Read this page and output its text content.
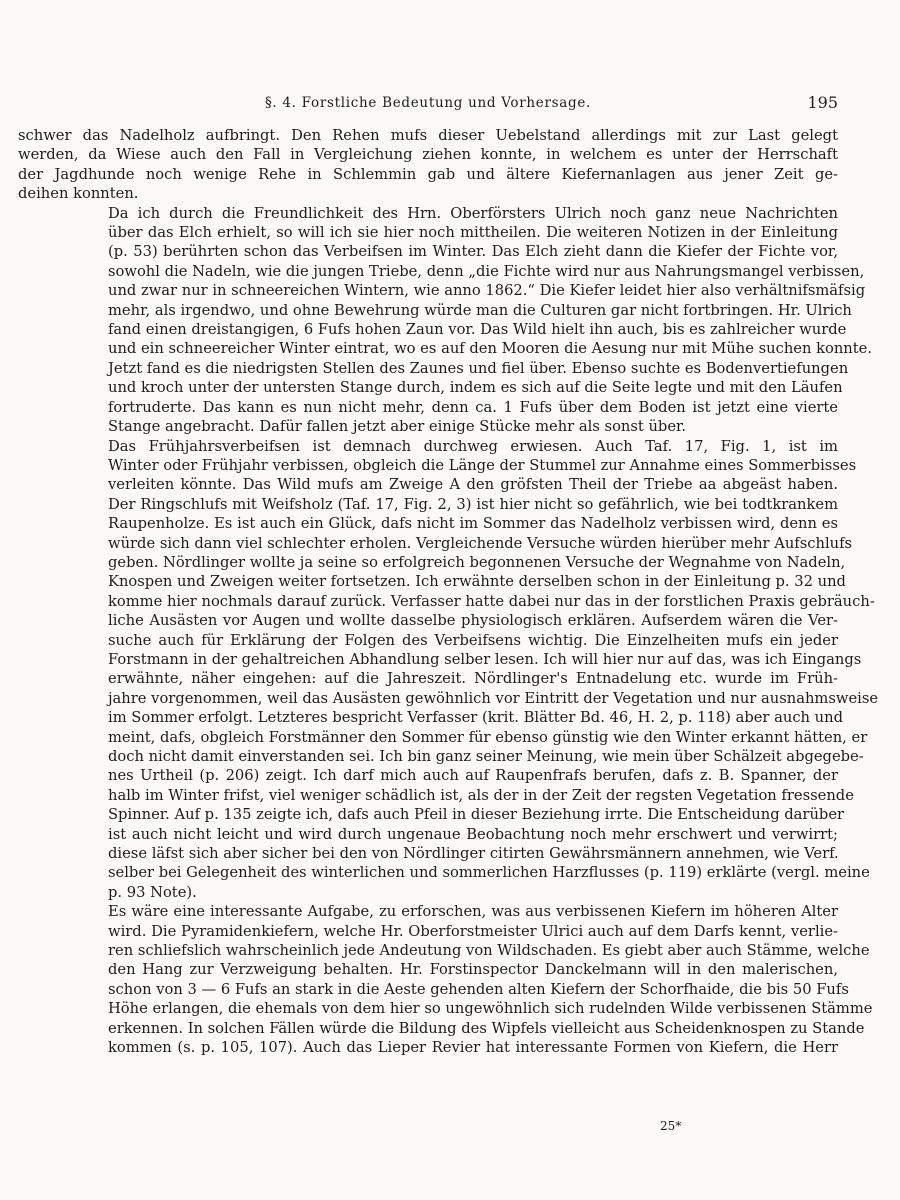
§. 4. Forstliche Bedeutung und Vorhersage.	195

schwer das Nadelholz aufbringt. Den Rehen mufs dieser Uebelstand allerdings mit zur Last gelegt
werden, da Wiese auch den Fall in Vergleichung ziehen konnte, in welchem es unter der Herrschaft
der Jagdhunde noch wenige Rehe in Schlemmin gab und ältere Kiefernanlagen aus jener Zeit ge-
deihen konnten.

Da ich durch die Freundlichkeit des Hrn. Oberförsters Ulrich noch ganz neue Nachrichten
über das Elch erhielt, so will ich sie hier noch mittheilen. Die weiteren Notizen in der Einleitung
(p. 53) berührten schon das Verbeifsen im Winter. Das Elch zieht dann die Kiefer der Fichte vor,
sowohl die Nadeln, wie die jungen Triebe, denn „die Fichte wird nur aus Nahrungsmangel verbissen,
und zwar nur in schneereichen Wintern, wie anno 1862.“ Die Kiefer leidet hier also verhältnifsmäfsig
mehr, als irgendwo, und ohne Bewehrung würde man die Culturen gar nicht fortbringen. Hr. Ulrich
fand einen dreistangigen, 6 Fufs hohen Zaun vor. Das Wild hielt ihn auch, bis es zahlreicher wurde
und ein schneereicher Winter eintrat, wo es auf den Mooren die Aesung nur mit Mühe suchen konnte.
Jetzt fand es die niedrigsten Stellen des Zaunes und fiel über. Ebenso suchte es Bodenvertiefungen
und kroch unter der untersten Stange durch, indem es sich auf die Seite legte und mit den Läufen
fortruderte. Das kann es nun nicht mehr, denn ca. 1 Fufs über dem Boden ist jetzt eine vierte
Stange angebracht. Dafür fallen jetzt aber einige Stücke mehr als sonst über.

Das Frühjahrsverbeifsen ist demnach durchweg erwiesen. Auch Taf. 17, Fig. 1, ist im
Winter oder Frühjahr verbissen, obgleich die Länge der Stummel zur Annahme eines Sommerbisses
verleiten könnte. Das Wild mufs am Zweige A den gröfsten Theil der Triebe aa abgeäst haben.
Der Ringschlufs mit Weifsholz (Taf. 17, Fig. 2, 3) ist hier nicht so gefährlich, wie bei todtkrankem
Raupenholze. Es ist auch ein Glück, dafs nicht im Sommer das Nadelholz verbissen wird, denn es
würde sich dann viel schlechter erholen. Vergleichende Versuche würden hierüber mehr Aufschlufs
geben. Nördlinger wollte ja seine so erfolgreich begonnenen Versuche der Wegnahme von Nadeln,
Knospen und Zweigen weiter fortsetzen. Ich erwähnte derselben schon in der Einleitung p. 32 und
komme hier nochmals darauf zurück. Verfasser hatte dabei nur das in der forstlichen Praxis gebräuch-
liche Ausästen vor Augen und wollte dasselbe physiologisch erklären. Aufserdem wären die Ver-
suche auch für Erklärung der Folgen des Verbeifsens wichtig. Die Einzelheiten mufs ein jeder
Forstmann in der gehaltreichen Abhandlung selber lesen. Ich will hier nur auf das, was ich Eingangs
erwähnte, näher eingehen: auf die Jahreszeit. Nördlinger's Entnadelung etc. wurde im Früh-
jahre vorgenommen, weil das Ausästen gewöhnlich vor Eintritt der Vegetation und nur ausnahmsweise
im Sommer erfolgt. Letzteres bespricht Verfasser (krit. Blätter Bd. 46, H. 2, p. 118) aber auch und
meint, dafs, obgleich Forstmänner den Sommer für ebenso günstig wie den Winter erkannt hätten, er
doch nicht damit einverstanden sei. Ich bin ganz seiner Meinung, wie mein über Schälzeit abgegebe-
nes Urtheil (p. 206) zeigt. Ich darf mich auch auf Raupenfrafs berufen, dafs z. B. Spanner, der
halb im Winter frifst, viel weniger schädlich ist, als der in der Zeit der regsten Vegetation fressende
Spinner. Auf p. 135 zeigte ich, dafs auch Pfeil in dieser Beziehung irrte. Die Entscheidung darüber
ist auch nicht leicht und wird durch ungenaue Beobachtung noch mehr erschwert und verwirrt;
diese läfst sich aber sicher bei den von Nördlinger citirten Gewährsmännern annehmen, wie Verf.
selber bei Gelegenheit des winterlichen und sommerlichen Harzflusses (p. 119) erklärte (vergl. meine
p. 93 Note).

Es wäre eine interessante Aufgabe, zu erforschen, was aus verbissenen Kiefern im höheren Alter
wird. Die Pyramidenkiefern, welche Hr. Oberforstmeister Ulrici auch auf dem Darfs kennt, verlie-
ren schliefslich wahrscheinlich jede Andeutung von Wildschaden. Es giebt aber auch Stämme, welche
den Hang zur Verzweigung behalten. Hr. Forstinspector Danckelmann will in den malerischen,
schon von 3 — 6 Fufs an stark in die Aeste gehenden alten Kiefern der Schorfhaide, die bis 50 Fufs
Höhe erlangen, die ehemals von dem hier so ungewöhnlich sich rudelnden Wilde verbissenen Stämme
erkennen. In solchen Fällen würde die Bildung des Wipfels vielleicht aus Scheidenknospen zu Stande
kommen (s. p. 105, 107). Auch das Lieper Revier hat interessante Formen von Kiefern, die Herr

25*
